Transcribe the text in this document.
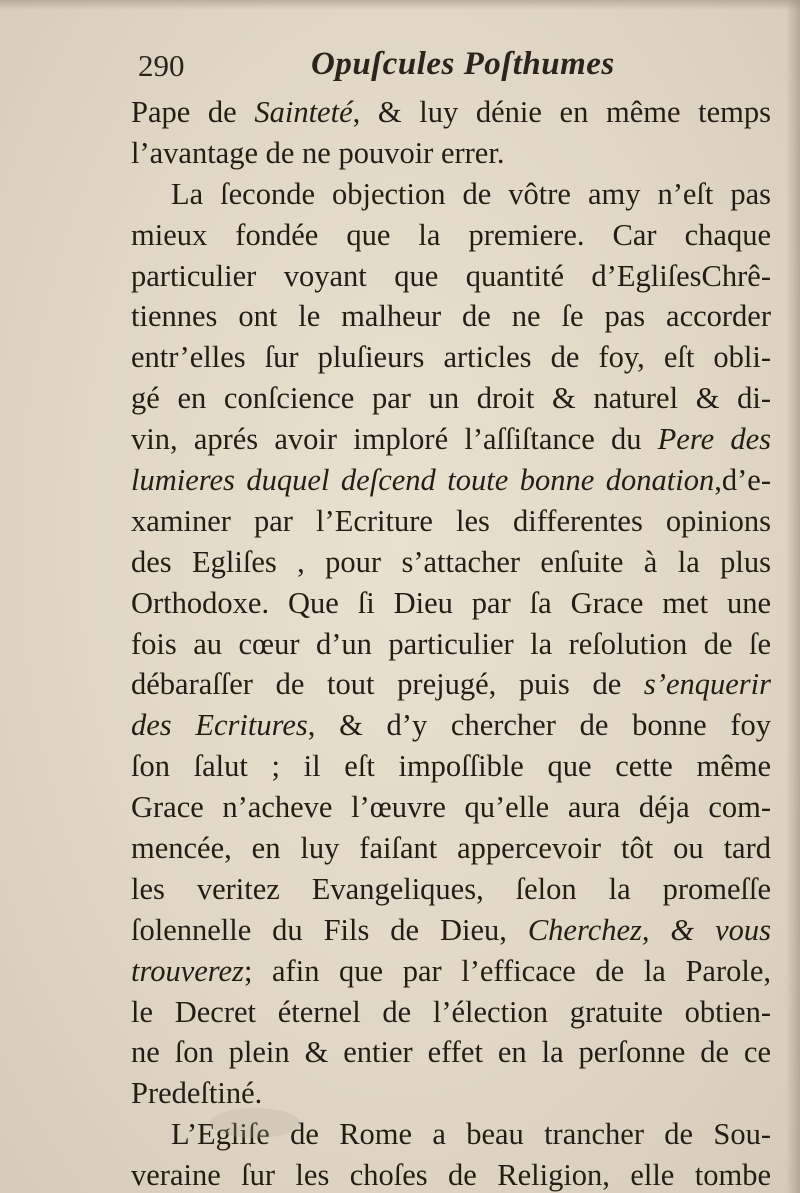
290	Opuſcules Poſthumes
Pape de Sainteté, & luy dénie en même temps
l’avantage de ne pouvoir errer.
La ſeconde objection de vôtre amy n’eſt pas
mieux fondée que la premiere. Car chaque
particulier voyant que quantité d’EgliſesChrê-
tiennes ont le malheur de ne ſe pas accorder
entr’elles ſur pluſieurs articles de foy, eſt obli-
gé en conſcience par un droit & naturel & di-
vin, aprés avoir imploré l’aſſiſtance du Pere des
lumieres duquel deſcend toute bonne donation,d’e-
xaminer par l’Ecriture les differentes opinions
des Egliſes , pour s’attacher enſuite à la plus
Orthodoxe. Que ſi Dieu par ſa Grace met une
fois au cœur d’un particulier la reſolution de ſe
débaraſſer de tout prejugé, puis de s’enquerir
des Ecritures, & d’y chercher de bonne foy
ſon ſalut ; il eſt impoſſible que cette même
Grace n’acheve l’œuvre qu’elle aura déja com-
mencée, en luy faiſant appercevoir tôt ou tard
les veritez Evangeliques, ſelon la promeſſe
ſolennelle du Fils de Dieu, Cherchez, & vous
trouverez; afin que par l’efficace de la Parole,
le Decret éternel de l’élection gratuite obtien-
ne ſon plein & entier effet en la perſonne de ce
Predeſtiné.
L’Egliſe de Rome a beau trancher de Sou-
veraine ſur les choſes de Religion, elle tombe
